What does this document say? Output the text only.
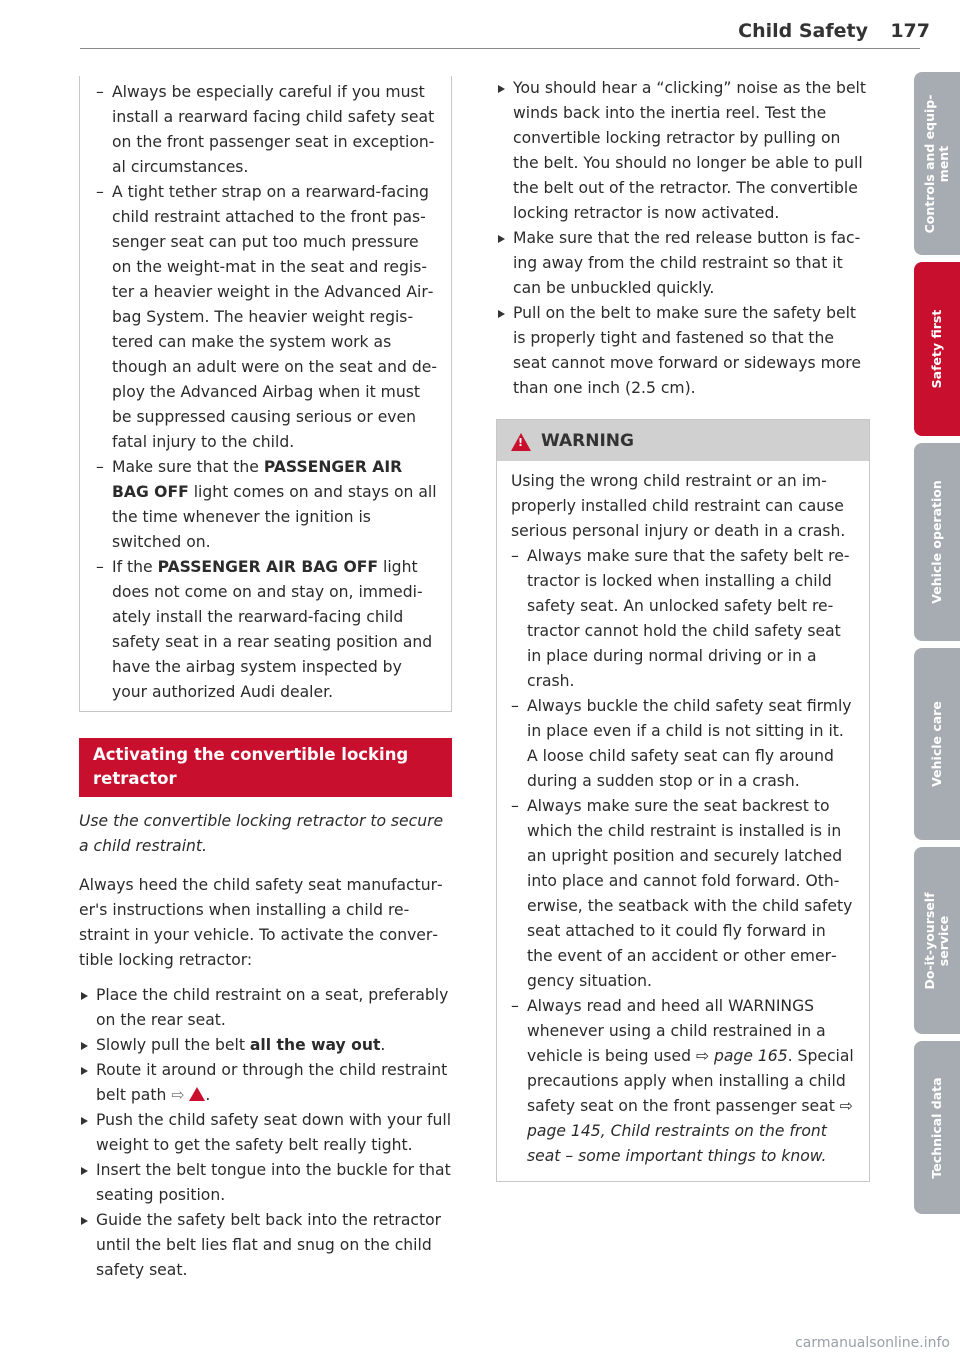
Child Safety 177
– Always be especially careful if you must install a rearward facing child safety seat on the front passenger seat in exceptional circumstances.
– A tight tether strap on a rearward-facing child restraint attached to the front passenger seat can put too much pressure on the weight-mat in the seat and register a heavier weight in the Advanced Airbag System. The heavier weight registered can make the system work as though an adult were on the seat and deploy the Advanced Airbag when it must be suppressed causing serious or even fatal injury to the child.
– Make sure that the PASSENGER AIR BAG OFF light comes on and stays on all the time whenever the ignition is switched on.
– If the PASSENGER AIR BAG OFF light does not come on and stay on, immediately install the rearward-facing child safety seat in a rear seating position and have the airbag system inspected by your authorized Audi dealer.
Activating the convertible locking retractor

Use the convertible locking retractor to secure a child restraint.

Always heed the child safety seat manufacturer's instructions when installing a child restraint in your vehicle. To activate the convertible locking retractor:

Place the child restraint on a seat, preferably on the rear seat.
Slowly pull the belt all the way out.
Route it around or through the child restraint belt path ⇨ .
Push the child safety seat down with your full weight to get the safety belt really tight.
Insert the belt tongue into the buckle for that seating position.
Guide the safety belt back into the retractor until the belt lies flat and snug on the child safety seat.
You should hear a “clicking” noise as the belt winds back into the inertia reel. Test the convertible locking retractor by pulling on the belt. You should no longer be able to pull the belt out of the retractor. The convertible locking retractor is now activated.
Make sure that the red release button is facing away from the child restraint so that it can be unbuckled quickly.
Pull on the belt to make sure the safety belt is properly tight and fastened so that the seat cannot move forward or sideways more than one inch (2.5 cm).
!
WARNING

Using the wrong child restraint or an improperly installed child restraint can cause serious personal injury or death in a crash.

– Always make sure that the safety belt retractor is locked when installing a child safety seat. An unlocked safety belt retractor cannot hold the child safety seat in place during normal driving or in a crash.
– Always buckle the child safety seat firmly in place even if a child is not sitting in it. A loose child safety seat can fly around during a sudden stop or in a crash.
– Always make sure the seat backrest to which the child restraint is installed is in an upright position and securely latched into place and cannot fold forward. Otherwise, the seatback with the child safety seat attached to it could fly forward in the event of an accident or other emergency situation.
– Always read and heed all WARNINGS whenever using a child restrained in a vehicle is being used ⇨ page 165. Special precautions apply when installing a child safety seat on the front passenger seat ⇨ page 145, Child restraints on the front seat – some important things to know.
Controls and equip-
ment
Safety first
Vehicle operation
Vehicle care
Do-it-yourself
service
Technical data
carmanualsonline.info
